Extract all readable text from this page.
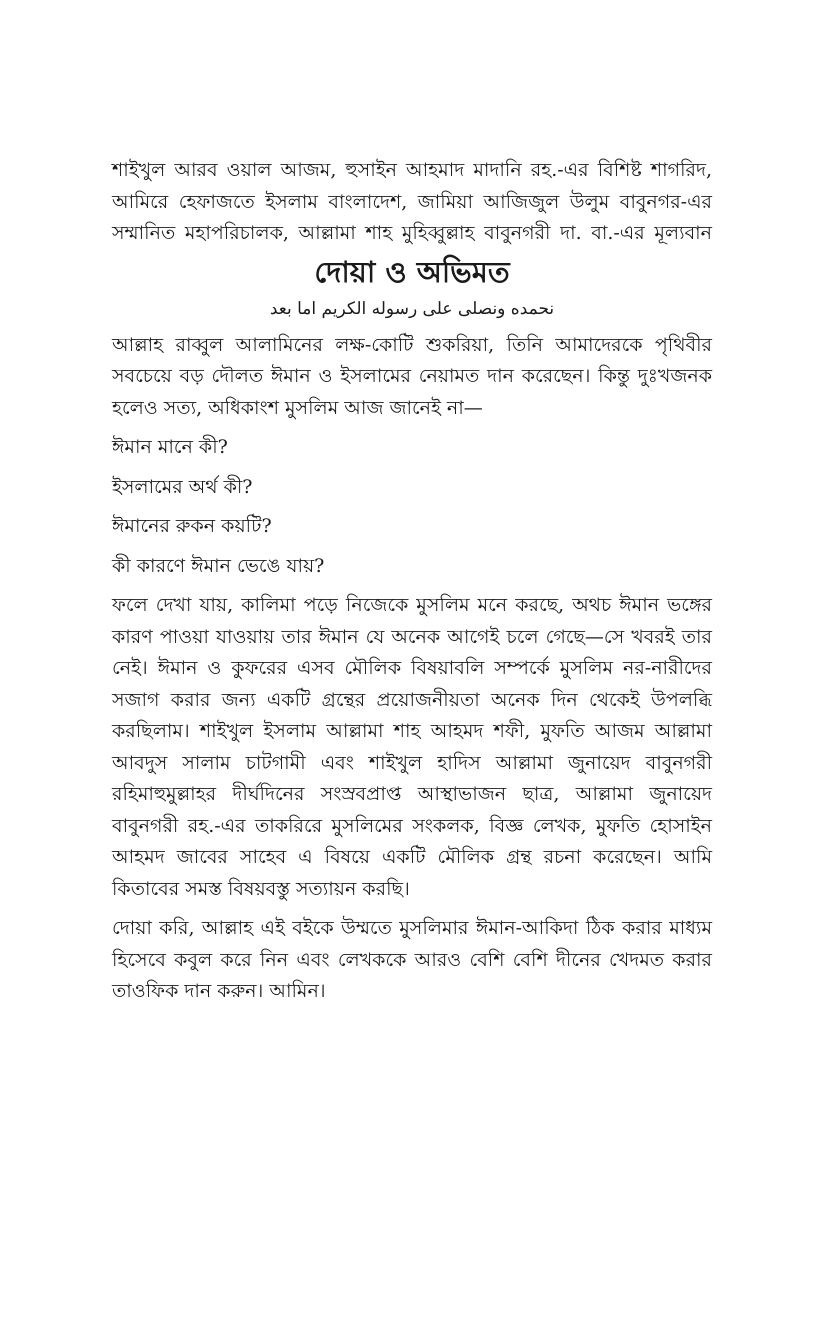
শাইখুল আরব ওয়াল আজম, হুসাইন আহমাদ মাদানি রহ.-এর বিশিষ্ট শাগরিদ,
আমিরে হেফাজতে ইসলাম বাংলাদেশ, জামিয়া আজিজুল উলুম বাবুনগর-এর
সম্মানিত মহাপরিচালক, আল্লামা শাহ মুহিব্বুল্লাহ বাবুনগরী দা. বা.-এর মূল্যবান

দোয়া ও অভিমত

نحمده ونصلى على رسوله الكريم اما بعد

আল্লাহ রাব্বুল আলামিনের লক্ষ-কোটি শুকরিয়া, তিনি আমাদেরকে পৃথিবীর সবচেয়ে বড় দৌলত ঈমান ও ইসলামের নেয়ামত দান করেছেন। কিন্তু দুঃখজনক হলেও সত্য, অধিকাংশ মুসলিম আজ জানেই না—

ঈমান মানে কী?

ইসলামের অর্থ কী?

ঈমানের রুকন কয়টি?

কী কারণে ঈমান ভেঙে যায়?

ফলে দেখা যায়, কালিমা পড়ে নিজেকে মুসলিম মনে করছে, অথচ ঈমান ভঙ্গের কারণ পাওয়া যাওয়ায় তার ঈমান যে অনেক আগেই চলে গেছে—সে খবরই তার নেই। ঈমান ও কুফরের এসব মৌলিক বিষয়াবলি সম্পর্কে মুসলিম নর-নারীদের সজাগ করার জন্য একটি গ্রন্থের প্রয়োজনীয়তা অনেক দিন থেকেই উপলব্ধি করছিলাম। শাইখুল ইসলাম আল্লামা শাহ আহমদ শফী, মুফতি আজম আল্লামা আবদুস সালাম চাটগামী এবং শাইখুল হাদিস আল্লামা জুনায়েদ বাবুনগরী রহিমাহুমুল্লাহর দীর্ঘদিনের সংস্রবপ্রাপ্ত আস্থাভাজন ছাত্র, আল্লামা জুনায়েদ বাবুনগরী রহ.-এর তাকরিরে মুসলিমের সংকলক, বিজ্ঞ লেখক, মুফতি হোসাইন আহমদ জাবের সাহেব এ বিষয়ে একটি মৌলিক গ্রন্থ রচনা করেছেন। আমি কিতাবের সমস্ত বিষয়বস্তু সত্যায়ন করছি।

দোয়া করি, আল্লাহ এই বইকে উম্মতে মুসলিমার ঈমান-আকিদা ঠিক করার মাধ্যম হিসেবে কবুল করে নিন এবং লেখককে আরও বেশি বেশি দীনের খেদমত করার তাওফিক দান করুন। আমিন।
